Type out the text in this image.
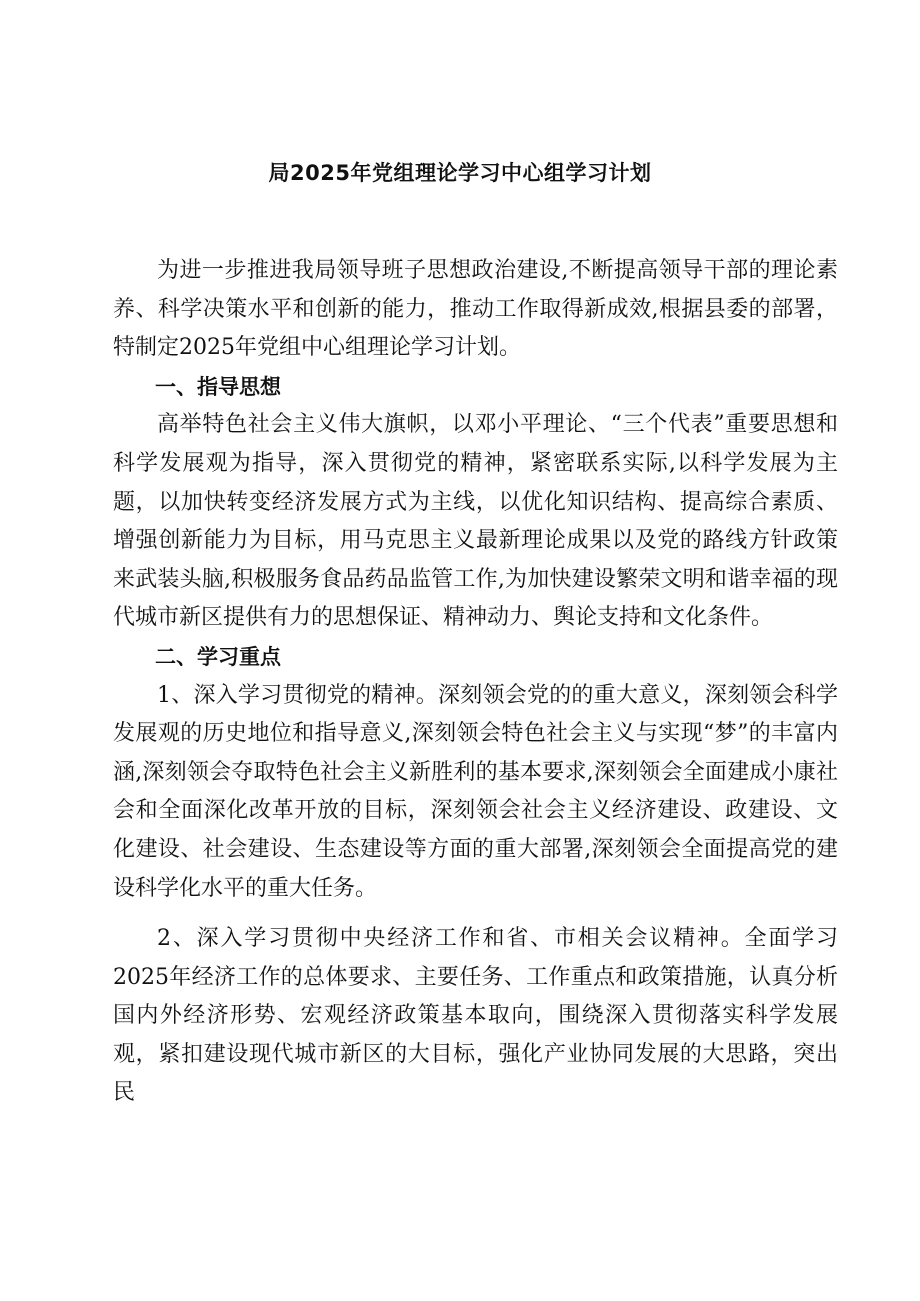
局2025年党组理论学习中心组学习计划

为进一步推进我局领导班子思想政治建设,不断提高领导干部的理论素养、科学决策水平和创新的能力，推动工作取得新成效,根据县委的部署，特制定2025年党组中心组理论学习计划。

一、指导思想

高举特色社会主义伟大旗帜，以邓小平理论、“三个代表”重要思想和科学发展观为指导，深入贯彻党的精神，紧密联系实际,以科学发展为主题，以加快转变经济发展方式为主线，以优化知识结构、提高综合素质、增强创新能力为目标，用马克思主义最新理论成果以及党的路线方针政策来武装头脑,积极服务食品药品监管工作,为加快建设繁荣文明和谐幸福的现代城市新区提供有力的思想保证、精神动力、舆论支持和文化条件。

二、学习重点

1、深入学习贯彻党的精神。深刻领会党的的重大意义，深刻领会科学发展观的历史地位和指导意义,深刻领会特色社会主义与实现“梦”的丰富内涵,深刻领会夺取特色社会主义新胜利的基本要求,深刻领会全面建成小康社会和全面深化改革开放的目标，深刻领会社会主义经济建设、政建设、文化建设、社会建设、生态建设等方面的重大部署,深刻领会全面提高党的建设科学化水平的重大任务。

2、深入学习贯彻中央经济工作和省、市相关会议精神。全面学习2025年经济工作的总体要求、主要任务、工作重点和政策措施，认真分析国内外经济形势、宏观经济政策基本取向，围绕深入贯彻落实科学发展观，紧扣建设现代城市新区的大目标，强化产业协同发展的大思路，突出民
